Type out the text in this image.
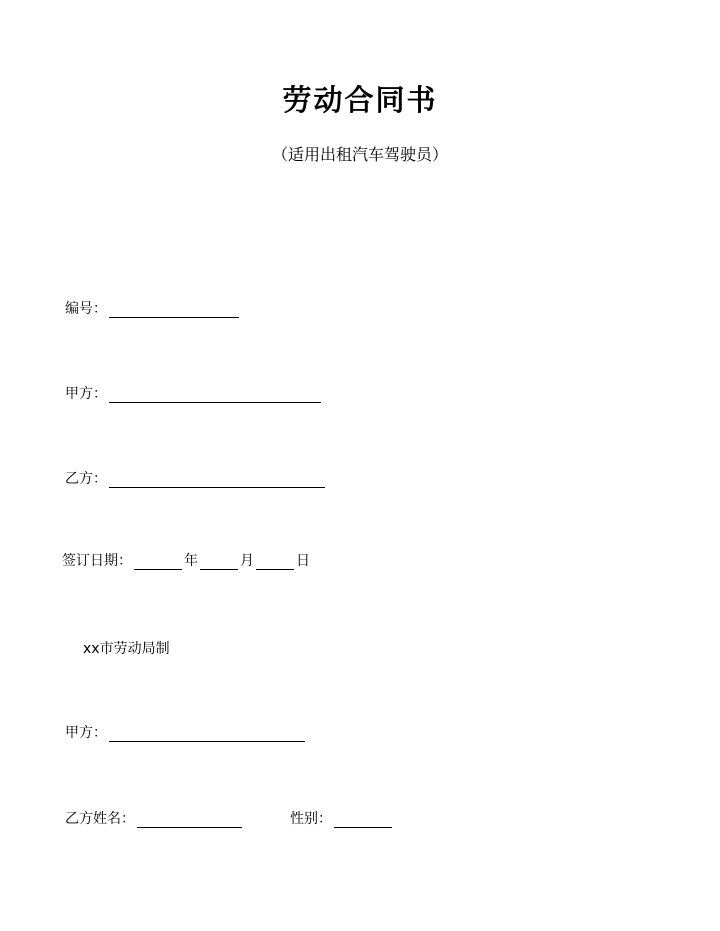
劳动合同书
（适用出租汽车驾驶员）
编号：
甲方：
乙方：
签订日期：	年	月	日
xx市劳动局制
甲方：
乙方姓名：	性别：
